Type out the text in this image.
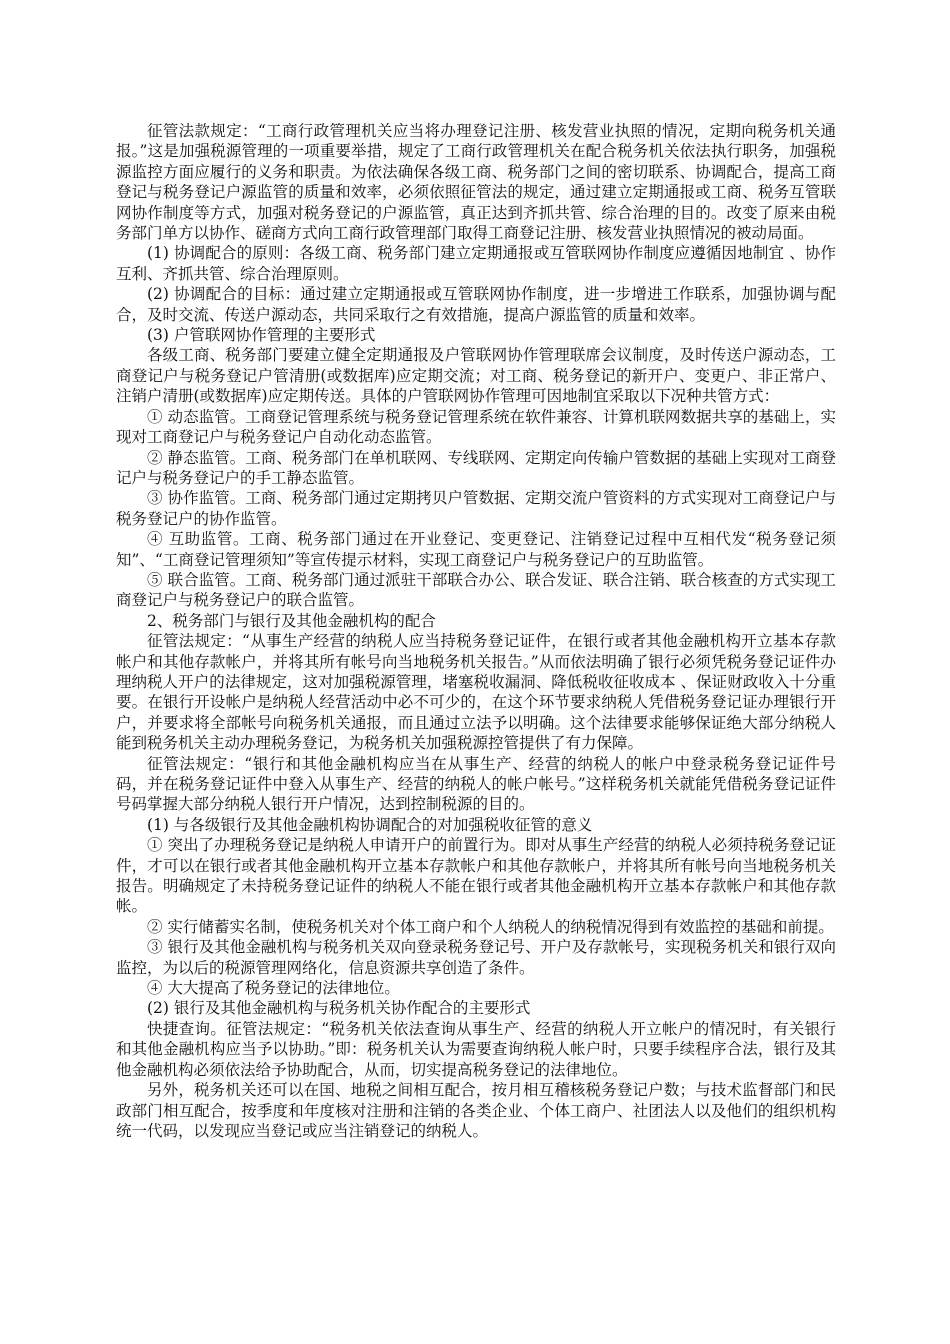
征管法款规定：“工商行政管理机关应当将办理登记注册、核发营业执照的情况，定期向税务机关通报。”这是加强税源管理的一项重要举措，规定了工商行政管理机关在配合税务机关依法执行职务，加强税源监控方面应履行的义务和职责。为依法确保各级工商、税务部门之间的密切联系、协调配合，提高工商登记与税务登记户源监管的质量和效率，必须依照征管法的规定，通过建立定期通报或工商、税务互管联网协作制度等方式，加强对税务登记的户源监管，真正达到齐抓共管、综合治理的目的。改变了原来由税务部门单方以协作、磋商方式向工商行政管理部门取得工商登记注册、核发营业执照情况的被动局面。

(1) 协调配合的原则：各级工商、税务部门建立定期通报或互管联网协作制度应遵循因地制宜 、协作互利、齐抓共管、综合治理原则。

(2) 协调配合的目标：通过建立定期通报或互管联网协作制度，进一步增进工作联系，加强协调与配合，及时交流、传送户源动态，共同采取行之有效措施，提高户源监管的质量和效率。

(3) 户管联网协作管理的主要形式

各级工商、税务部门要建立健全定期通报及户管联网协作管理联席会议制度，及时传送户源动态，工商登记户与税务登记户管清册(或数据库)应定期交流；对工商、税务登记的新开户、变更户、非正常户、注销户清册(或数据库)应定期传送。具体的户管联网协作管理可因地制宜采取以下况种共管方式：

① 动态监管。工商登记管理系统与税务登记管理系统在软件兼容、计算机联网数据共享的基础上，实现对工商登记户与税务登记户自动化动态监管。

② 静态监管。工商、税务部门在单机联网、专线联网、定期定向传输户管数据的基础上实现对工商登记户与税务登记户的手工静态监管。

③ 协作监管。工商、税务部门通过定期拷贝户管数据、定期交流户管资料的方式实现对工商登记户与税务登记户的协作监管。

④ 互助监管。工商、税务部门通过在开业登记、变更登记、注销登记过程中互相代发“税务登记须知”、“工商登记管理须知”等宣传提示材料，实现工商登记户与税务登记户的互助监管。

⑤ 联合监管。工商、税务部门通过派驻干部联合办公、联合发证、联合注销、联合核查的方式实现工商登记户与税务登记户的联合监管。

2、税务部门与银行及其他金融机构的配合

征管法规定：“从事生产经营的纳税人应当持税务登记证件，在银行或者其他金融机构开立基本存款帐户和其他存款帐户，并将其所有帐号向当地税务机关报告。”从而依法明确了银行必须凭税务登记证件办理纳税人开户的法律规定，这对加强税源管理，堵塞税收漏洞、降低税收征收成本 、保证财政收入十分重要。在银行开设帐户是纳税人经营活动中必不可少的，在这个环节要求纳税人凭借税务登记证办理银行开户，并要求将全部帐号向税务机关通报，而且通过立法予以明确。这个法律要求能够保证绝大部分纳税人能到税务机关主动办理税务登记，为税务机关加强税源控管提供了有力保障。

征管法规定：“银行和其他金融机构应当在从事生产、经营的纳税人的帐户中登录税务登记证件号码，并在税务登记证件中登入从事生产、经营的纳税人的帐户帐号。”这样税务机关就能凭借税务登记证件号码掌握大部分纳税人银行开户情况，达到控制税源的目的。

(1) 与各级银行及其他金融机构协调配合的对加强税收征管的意义

① 突出了办理税务登记是纳税人申请开户的前置行为。即对从事生产经营的纳税人必须持税务登记证件，才可以在银行或者其他金融机构开立基本存款帐户和其他存款帐户，并将其所有帐号向当地税务机关报告。明确规定了未持税务登记证件的纳税人不能在银行或者其他金融机构开立基本存款帐户和其他存款帐。

② 实行储蓄实名制，使税务机关对个体工商户和个人纳税人的纳税情况得到有效监控的基础和前提。

③ 银行及其他金融机构与税务机关双向登录税务登记号、开户及存款帐号，实现税务机关和银行双向监控，为以后的税源管理网络化，信息资源共享创造了条件。

④ 大大提高了税务登记的法律地位。

(2) 银行及其他金融机构与税务机关协作配合的主要形式

快捷查询。征管法规定：“税务机关依法查询从事生产、经营的纳税人开立帐户的情况时，有关银行和其他金融机构应当予以协助。”即：税务机关认为需要查询纳税人帐户时，只要手续程序合法，银行及其他金融机构必须依法给予协助配合，从而，切实提高税务登记的法律地位。

另外，税务机关还可以在国、地税之间相互配合，按月相互稽核税务登记户数；与技术监督部门和民政部门相互配合，按季度和年度核对注册和注销的各类企业、个体工商户、社团法人以及他们的组织机构统一代码，以发现应当登记或应当注销登记的纳税人。
